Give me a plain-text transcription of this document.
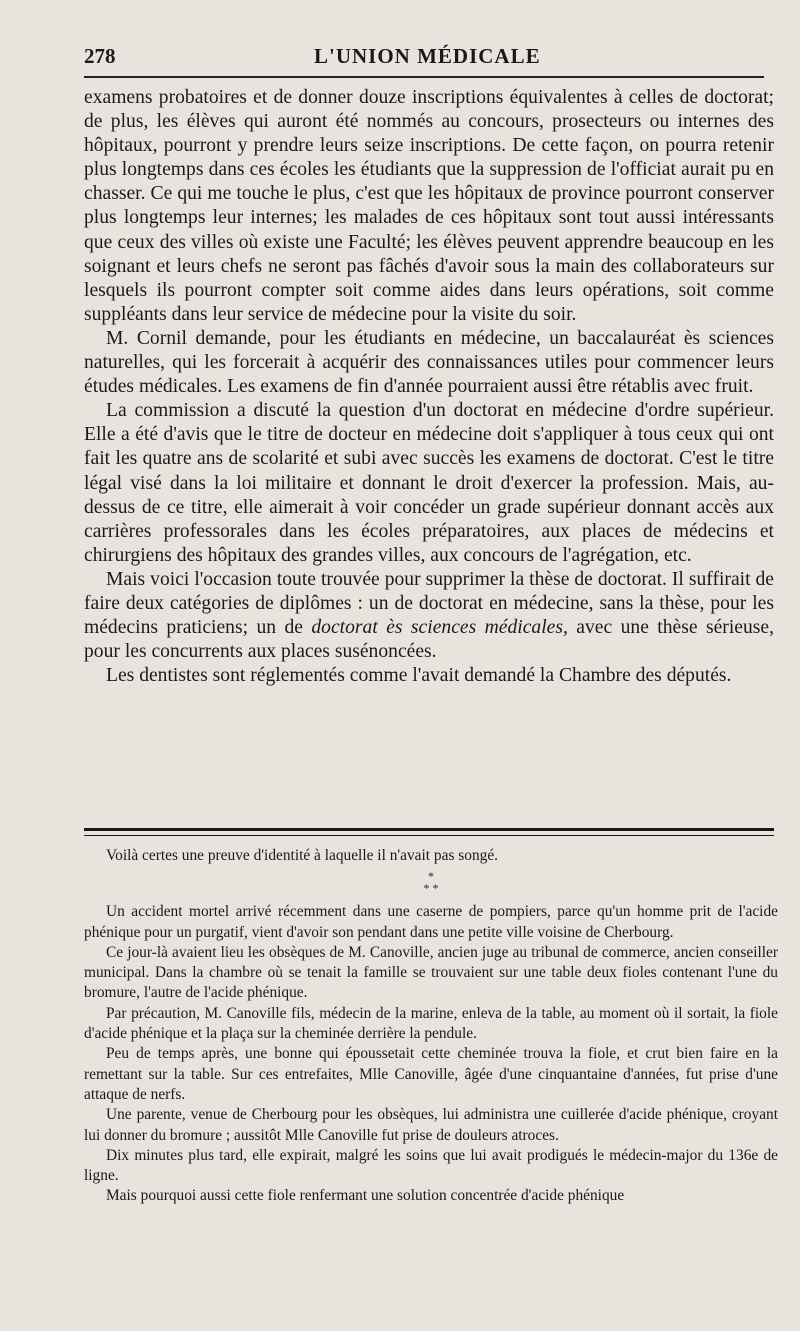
278	L'UNION MÉDICALE

examens probatoires et de donner douze inscriptions équivalentes à celles de doctorat; de plus, les élèves qui auront été nommés au concours, prosecteurs ou internes des hôpitaux, pourront y prendre leurs seize inscriptions. De cette façon, on pourra retenir plus longtemps dans ces écoles les étudiants que la suppression de l'officiat aurait pu en chasser. Ce qui me touche le plus, c'est que les hôpitaux de province pourront conserver plus longtemps leur internes; les malades de ces hôpitaux sont tout aussi intéressants que ceux des villes où existe une Faculté; les élèves peuvent apprendre beaucoup en les soignant et leurs chefs ne seront pas fâchés d'avoir sous la main des collaborateurs sur lesquels ils pourront compter soit comme aides dans leurs opérations, soit comme suppléants dans leur service de médecine pour la visite du soir.

M. Cornil demande, pour les étudiants en médecine, un baccalauréat ès sciences naturelles, qui les forcerait à acquérir des connaissances utiles pour commencer leurs études médicales. Les examens de fin d'année pourraient aussi être rétablis avec fruit.

La commission a discuté la question d'un doctorat en médecine d'ordre supérieur. Elle a été d'avis que le titre de docteur en médecine doit s'appliquer à tous ceux qui ont fait les quatre ans de scolarité et subi avec succès les examens de doctorat. C'est le titre légal visé dans la loi militaire et donnant le droit d'exercer la profession. Mais, au-dessus de ce titre, elle aimerait à voir concéder un grade supérieur donnant accès aux carrières professorales dans les écoles préparatoires, aux places de médecins et chirurgiens des hôpitaux des grandes villes, aux concours de l'agrégation, etc.

Mais voici l'occasion toute trouvée pour supprimer la thèse de doctorat. Il suffirait de faire deux catégories de diplômes : un de doctorat en médecine, sans la thèse, pour les médecins praticiens; un de doctorat ès sciences médicales, avec une thèse sérieuse, pour les concurrents aux places susénoncées.

Les dentistes sont réglementés comme l'avait demandé la Chambre des députés.

Voilà certes une preuve d'identité à laquelle il n'avait pas songé.

*
* *

Un accident mortel arrivé récemment dans une caserne de pompiers, parce qu'un homme prit de l'acide phénique pour un purgatif, vient d'avoir son pendant dans une petite ville voisine de Cherbourg.

Ce jour-là avaient lieu les obsèques de M. Canoville, ancien juge au tribunal de commerce, ancien conseiller municipal. Dans la chambre où se tenait la famille se trouvaient sur une table deux fioles contenant l'une du bromure, l'autre de l'acide phénique.

Par précaution, M. Canoville fils, médecin de la marine, enleva de la table, au moment où il sortait, la fiole d'acide phénique et la plaça sur la cheminée derrière la pendule.

Peu de temps après, une bonne qui époussetait cette cheminée trouva la fiole, et crut bien faire en la remettant sur la table. Sur ces entrefaites, Mlle Canoville, âgée d'une cinquantaine d'années, fut prise d'une attaque de nerfs.

Une parente, venue de Cherbourg pour les obsèques, lui administra une cuillerée d'acide phénique, croyant lui donner du bromure ; aussitôt Mlle Canoville fut prise de douleurs atroces.

Dix minutes plus tard, elle expirait, malgré les soins que lui avait prodigués le médecin-major du 136e de ligne.

Mais pourquoi aussi cette fiole renfermant une solution concentrée d'acide phénique
